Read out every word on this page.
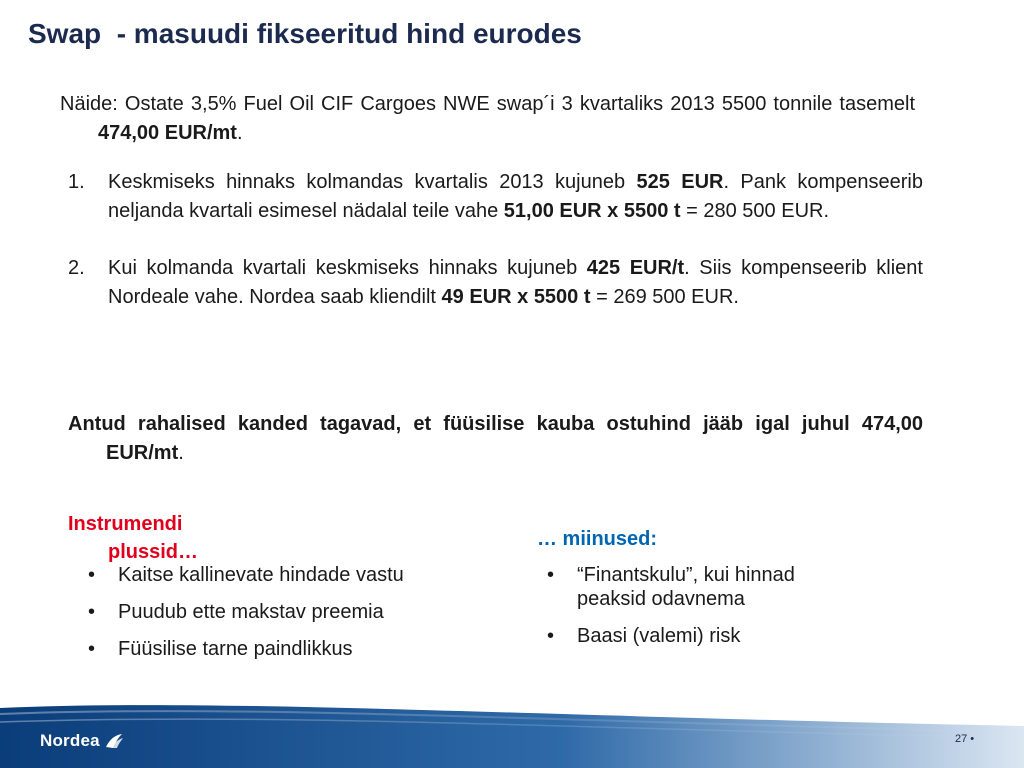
Swap  - masuudi fikseeritud hind eurodes

Näide: Ostate 3,5% Fuel Oil CIF Cargoes NWE swap´i 3 kvartaliks 2013 5500 tonnile tasemelt 474,00 EUR/mt.

1. Keskmiseks hinnaks kolmandas kvartalis 2013 kujuneb 525 EUR. Pank kompenseerib neljanda kvartali esimesel nädalal teile vahe 51,00 EUR x 5500 t = 280 500 EUR.
2. Kui kolmanda kvartali keskmiseks hinnaks kujuneb 425 EUR/t. Siis kompenseerib klient Nordeale vahe. Nordea saab kliendilt 49 EUR x 5500 t = 269 500 EUR.

Antud rahalised kanded tagavad, et füüsilise kauba ostuhind jääb igal juhul 474,00 EUR/mt.

Instrumendi
plussid…
… miinused:
• Kaitse kallinevate hindade vastu
• Puudub ette makstav preemia
• Füüsilise tarne paindlikkus
• “Finantskulu”, kui hinnad peaksid odavnema
• Baasi (valemi) risk
Nordea	27 •
